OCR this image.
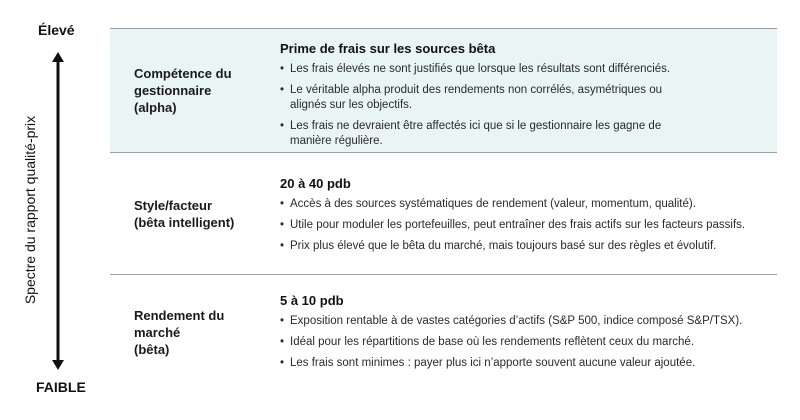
Élevé
Spectre du rapport qualité-prix
FAIBLE
Compétence du
gestionnaire
(alpha)
Prime de frais sur les sources bêta
• Les frais élevés ne sont justifiés que lorsque les résultats sont différenciés.
• Le véritable alpha produit des rendements non corrélés, asymétriques ou
alignés sur les objectifs.
• Les frais ne devraient être affectés ici que si le gestionnaire les gagne de
manière régulière.
Style/facteur
(bêta intelligent)
20 à 40 pdb
• Accès à des sources systématiques de rendement (valeur, momentum, qualité).
• Utile pour moduler les portefeuilles, peut entraîner des frais actifs sur les facteurs passifs.
• Prix plus élevé que le bêta du marché, mais toujours basé sur des règles et évolutif.
Rendement du
marché
(bêta)
5 à 10 pdb
• Exposition rentable à de vastes catégories d’actifs (S&P 500, indice composé S&P/TSX).
• Idéal pour les répartitions de base où les rendements reflètent ceux du marché.
• Les frais sont minimes : payer plus ici n’apporte souvent aucune valeur ajoutée.
